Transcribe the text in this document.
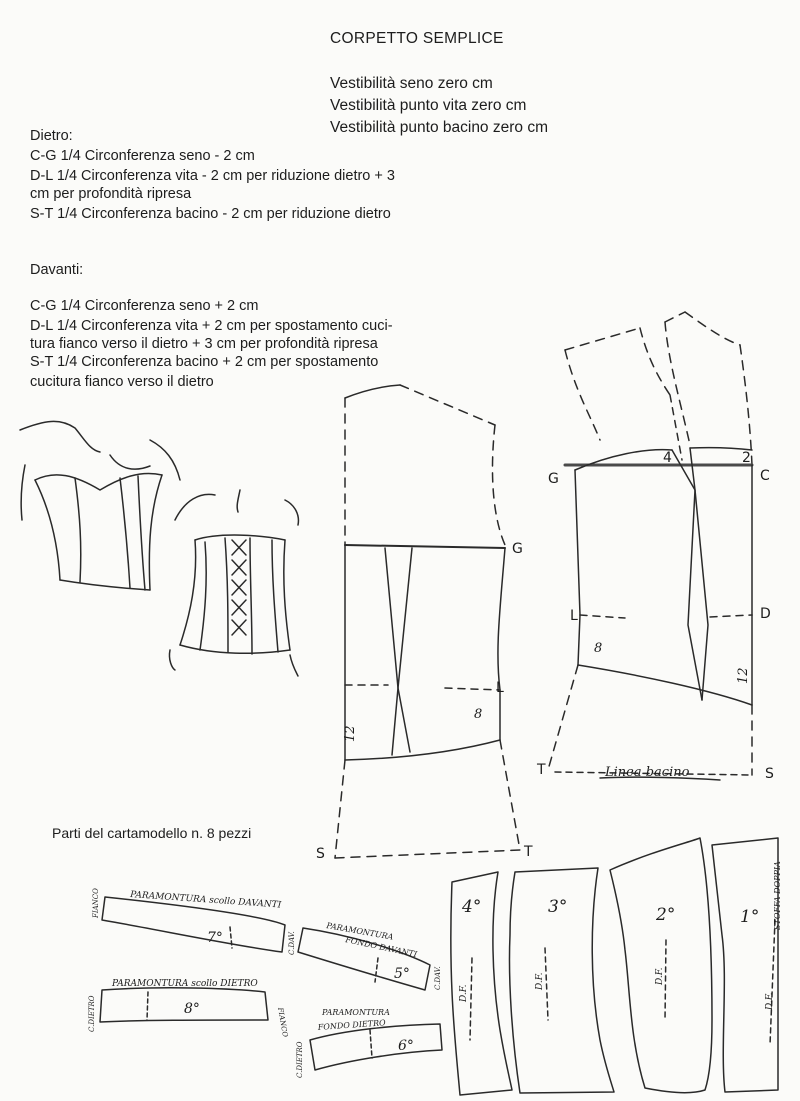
CORPETTO SEMPLICE
Vestibilità seno zero cm
Vestibilità punto vita zero cm
Vestibilità punto bacino zero cm
Dietro:
C-G 1/4 Circonferenza seno - 2 cm
D-L 1/4 Circonferenza vita - 2 cm per riduzione dietro + 3
cm per profondità ripresa
S-T 1/4 Circonferenza bacino - 2 cm per riduzione dietro
Davanti:
C-G 1/4 Circonferenza seno + 2 cm
D-L 1/4 Circonferenza vita + 2 cm per spostamento cuci-
tura fianco verso il dietro + 3 cm per profondità ripresa
S-T 1/4 Circonferenza bacino + 2 cm per spostamento
cucitura fianco verso il dietro
Parti del cartamodello n. 8 pezzi
G
L
S	T
G	C
L	D
T	S
4	2
8
8
12
12
Linea bacino
PARAMONTURA scollo DAVANTI
7°
FIANCO
C.DAV.
PARAMONTURA scollo DIETRO
8°
C.DIETRO	FIANCO
PARAMONTURA
FONDO DAVANTI
5°	C.DAV.
PARAMONTURA
FONDO DIETRO
6°
C.DIETRO
4°
D.F.
3°
D.F.
2°
D.F.
1°
D.F.
STOFFA DOPPIA
